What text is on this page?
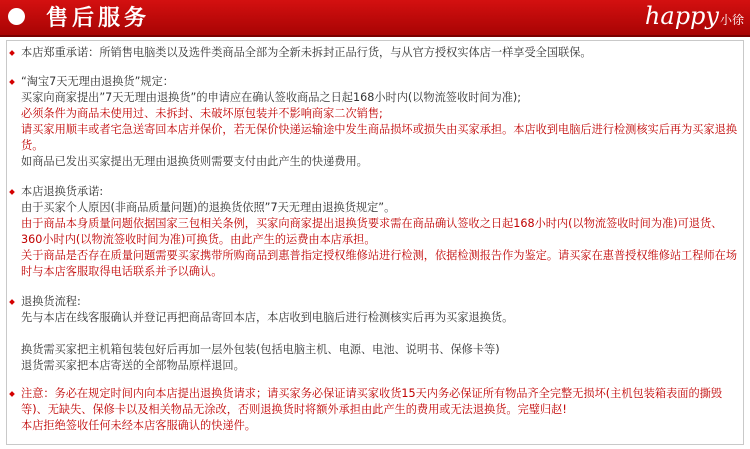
售后服务	happy小徐
本店郑重承诺：所销售电脑类以及选件类商品全部为全新未拆封正品行货，与从官方授权实体店一样享受全国联保。
“淘宝7天无理由退换货”规定：
买家向商家提出”7天无理由退换货”的申请应在确认签收商品之日起168小时内(以物流签收时间为准);
必须条件为商品未使用过、未拆封、未破坏原包装并不影响商家二次销售;
请买家用顺丰或者宅急送寄回本店并保价，若无保价快递运输途中发生商品损坏或损失由买家承担。本店收到电脑后进行检测核实后再为买家退换货。
如商品已发出买家提出无理由退换货则需要支付由此产生的快递费用。
本店退换货承诺:
由于买家个人原因(非商品质量问题)的退换货依照”7天无理由退换货规定”。
由于商品本身质量问题依据国家三包相关条例，买家向商家提出退换货要求需在商品确认签收之日起168小时内(以物流签收时间为准)可退货、360小时内(以物流签收时间为准)可换货。由此产生的运费由本店承担。
关于商品是否存在质量问题需要买家携带所购商品到惠普指定授权维修站进行检测，依据检测报告作为鉴定。请买家在惠普授权维修站工程师在场时与本店客服取得电话联系并予以确认。
退换货流程:
先与本店在线客服确认并登记再把商品寄回本店，本店收到电脑后进行检测核实后再为买家退换货。
换货需买家把主机箱包装包好后再加一层外包装(包括电脑主机、电源、电池、说明书、保修卡等)
退货需买家把本店寄送的全部物品原样退回。
注意：务必在规定时间内向本店提出退换货请求；请买家务必保证请买家收货15天内务必保证所有物品齐全完整无损坏(主机包装箱表面的撕毁等)、无缺失、保修卡以及相关物品无涂改，否则退换货时将额外承担由此产生的费用或无法退换货。完璧归赵!
本店拒绝签收任何未经本店客服确认的快递件。
